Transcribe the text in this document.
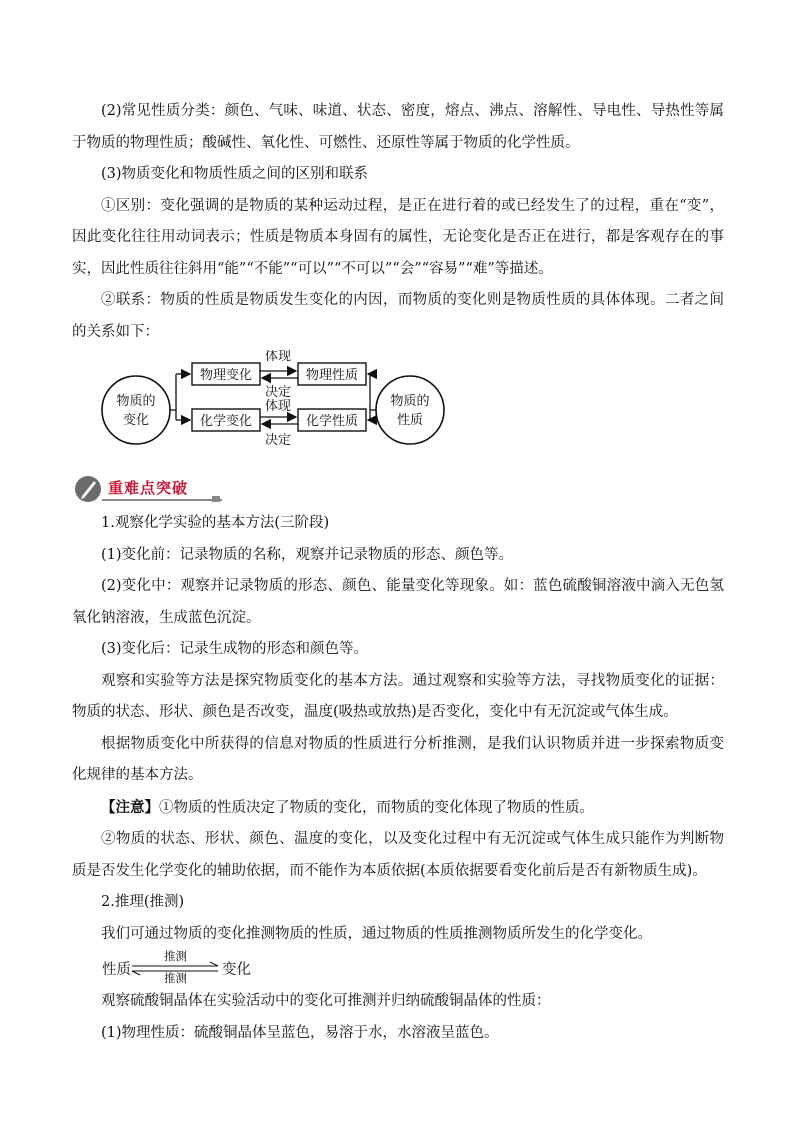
(2)常见性质分类：颜色、气味、味道、状态、密度，熔点、沸点、溶解性、导电性、导热性等属于物质的物理性质；酸碱性、氧化性、可燃性、还原性等属于物质的化学性质。

(3)物质变化和物质性质之间的区别和联系

①区别：变化强调的是物质的某种运动过程，是正在进行着的或已经发生了的过程，重在“变”，因此变化往往用动词表示；性质是物质本身固有的属性，无论变化是否正在进行，都是客观存在的事实，因此性质往往斜用“能”“不能”“可以”“不可以”“会”“容易”“难”等描述。

②联系：物质的性质是物质发生变化的内因，而物质的变化则是物质性质的具体体现。二者之间的关系如下：

物质的
变化
物质的
性质
物理变化
化学变化
物理性质
化学性质
体现
决定
体现
决定
重难点突破

1.观察化学实验的基本方法(三阶段)

(1)变化前：记录物质的名称，观察并记录物质的形态、颜色等。

(2)变化中：观察并记录物质的形态、颜色、能量变化等现象。如：蓝色硫酸铜溶液中滴入无色氢氧化钠溶液，生成蓝色沉淀。

(3)变化后：记录生成物的形态和颜色等。

观察和实验等方法是探究物质变化的基本方法。通过观察和实验等方法，寻找物质变化的证据：物质的状态、形状、颜色是否改变，温度(吸热或放热)是否变化，变化中有无沉淀或气体生成。

根据物质变化中所获得的信息对物质的性质进行分析推测，是我们认识物质并进一步探索物质变化规律的基本方法。

【注意】①物质的性质决定了物质的变化，而物质的变化体现了物质的性质。

②物质的状态、形状、颜色、温度的变化，以及变化过程中有无沉淀或气体生成只能作为判断物质是否发生化学变化的辅助依据，而不能作为本质依据(本质依据要看变化前后是否有新物质生成)。

2.推理(推测)

我们可通过物质的变化推测物质的性质，通过物质的性质推测物质所发生的化学变化。

性质
推测
推测 变化

观察硫酸铜晶体在实验活动中的变化可推测并归纳硫酸铜晶体的性质：

(1)物理性质：硫酸铜晶体呈蓝色，易溶于水，水溶液呈蓝色。
